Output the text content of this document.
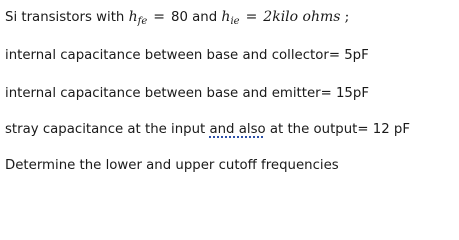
Si transistors with $h_{fe} = 80$ and $h_{ie}$ = 2kilo ohms ;
internal capacitance between base and collector= 5pF
internal capacitance between base and emitter= 15pF
stray capacitance at the input and also at the output= 12 pF
Determine the lower and upper cutoff frequencies
